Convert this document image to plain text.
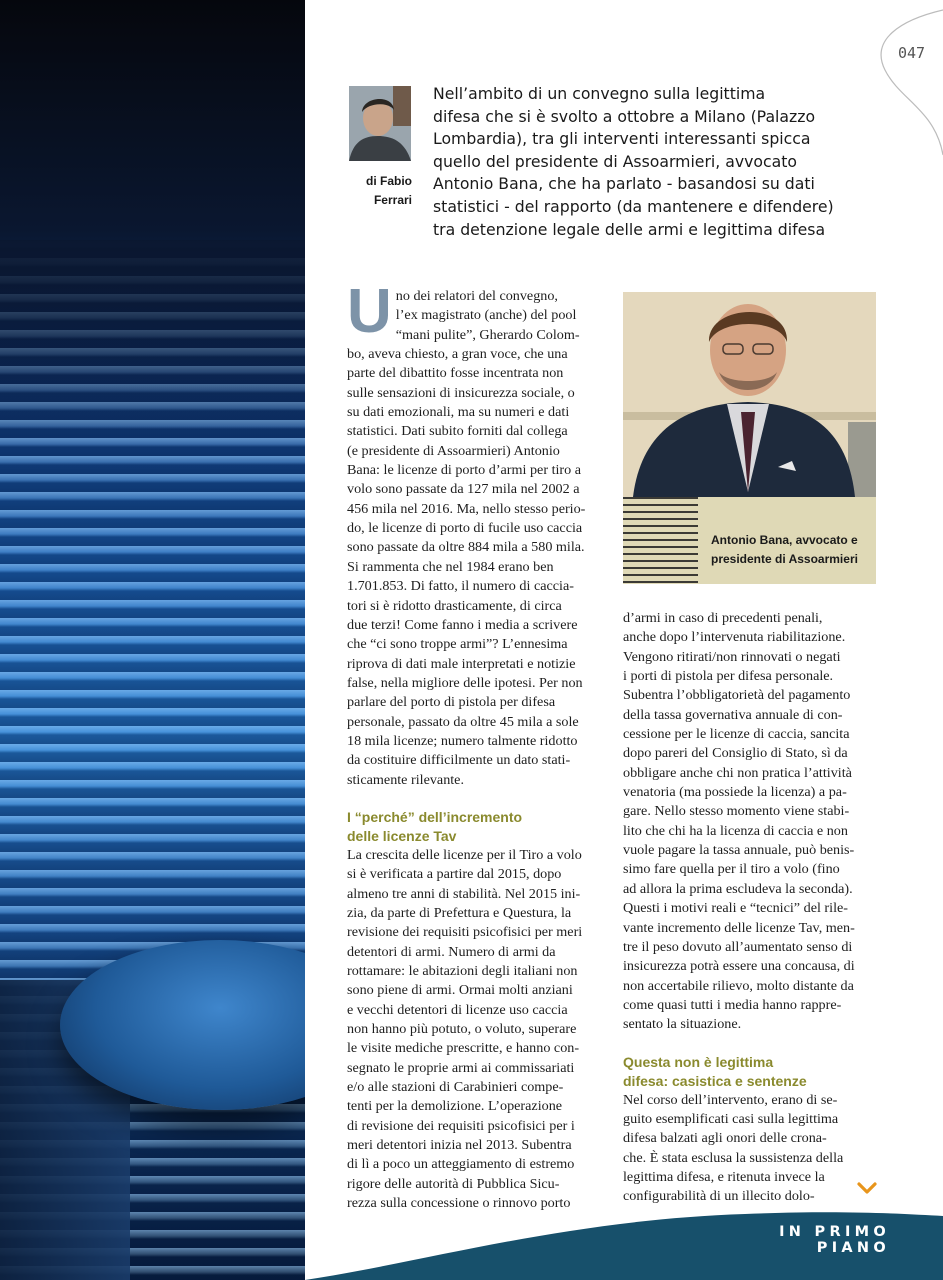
047
di Fabio
Ferrari
Nell’ambito di un convegno sulla legittima
difesa che si è svolto a ottobre a Milano (Palazzo
Lombardia), tra gli interventi interessanti spicca
quello del presidente di Assoarmieri, avvocato
Antonio Bana, che ha parlato - basandosi su dati
statistici - del rapporto (da mantenere e difendere)
tra detenzione legale delle armi e legittima difesa
U no dei relatori del convegno,
l’ex magistrato (anche) del pool
“mani pulite”, Gherardo Colom-
bo, aveva chiesto, a gran voce, che una
parte del dibattito fosse incentrata non
sulle sensazioni di insicurezza sociale, o
su dati emozionali, ma su numeri e dati
statistici. Dati subito forniti dal collega
(e presidente di Assoarmieri) Antonio
Bana: le licenze di porto d’armi per tiro a
volo sono passate da 127 mila nel 2002 a
456 mila nel 2016. Ma, nello stesso perio-
do, le licenze di porto di fucile uso caccia
sono passate da oltre 884 mila a 580 mila.
Si rammenta che nel 1984 erano ben
1.701.853. Di fatto, il numero di caccia-
tori si è ridotto drasticamente, di circa
due terzi! Come fanno i media a scrivere
che “ci sono troppe armi”? L’ennesima
riprova di dati male interpretati e notizie
false, nella migliore delle ipotesi. Per non
parlare del porto di pistola per difesa
personale, passato da oltre 45 mila a sole
18 mila licenze; numero talmente ridotto
da costituire difficilmente un dato stati-
sticamente rilevante.
I “perché” dell’incremento
delle licenze Tav
La crescita delle licenze per il Tiro a volo
si è verificata a partire dal 2015, dopo
almeno tre anni di stabilità. Nel 2015 ini-
zia, da parte di Prefettura e Questura, la
revisione dei requisiti psicofisici per meri
detentori di armi. Numero di armi da
rottamare: le abitazioni degli italiani non
sono piene di armi. Ormai molti anziani
e vecchi detentori di licenze uso caccia
non hanno più potuto, o voluto, superare
le visite mediche prescritte, e hanno con-
segnato le proprie armi ai commissariati
e/o alle stazioni di Carabinieri compe-
tenti per la demolizione. L’operazione
di revisione dei requisiti psicofisici per i
meri detentori inizia nel 2013. Subentra
di lì a poco un atteggiamento di estremo
rigore delle autorità di Pubblica Sicu-
rezza sulla concessione o rinnovo porto
Antonio Bana, avvocato e
presidente di Assoarmieri
d’armi in caso di precedenti penali,
anche dopo l’intervenuta riabilitazione.
Vengono ritirati/non rinnovati o negati
i porti di pistola per difesa personale.
Subentra l’obbligatorietà del pagamento
della tassa governativa annuale di con-
cessione per le licenze di caccia, sancita
dopo pareri del Consiglio di Stato, sì da
obbligare anche chi non pratica l’attività
venatoria (ma possiede la licenza) a pa-
gare. Nello stesso momento viene stabi-
lito che chi ha la licenza di caccia e non
vuole pagare la tassa annuale, può benis-
simo fare quella per il tiro a volo (fino
ad allora la prima escludeva la seconda).
Questi i motivi reali e “tecnici” del rile-
vante incremento delle licenze Tav, men-
tre il peso dovuto all’aumentato senso di
insicurezza potrà essere una concausa, di
non accertabile rilievo, molto distante da
come quasi tutti i media hanno rappre-
sentato la situazione.
Questa non è legittima
difesa: casistica e sentenze
Nel corso dell’intervento, erano di se-
guito esemplificati casi sulla legittima
difesa balzati agli onori delle crona-
che. È stata esclusa la sussistenza della
legittima difesa, e ritenuta invece la
configurabilità di un illecito dolo-
IN PRIMO PIANO
